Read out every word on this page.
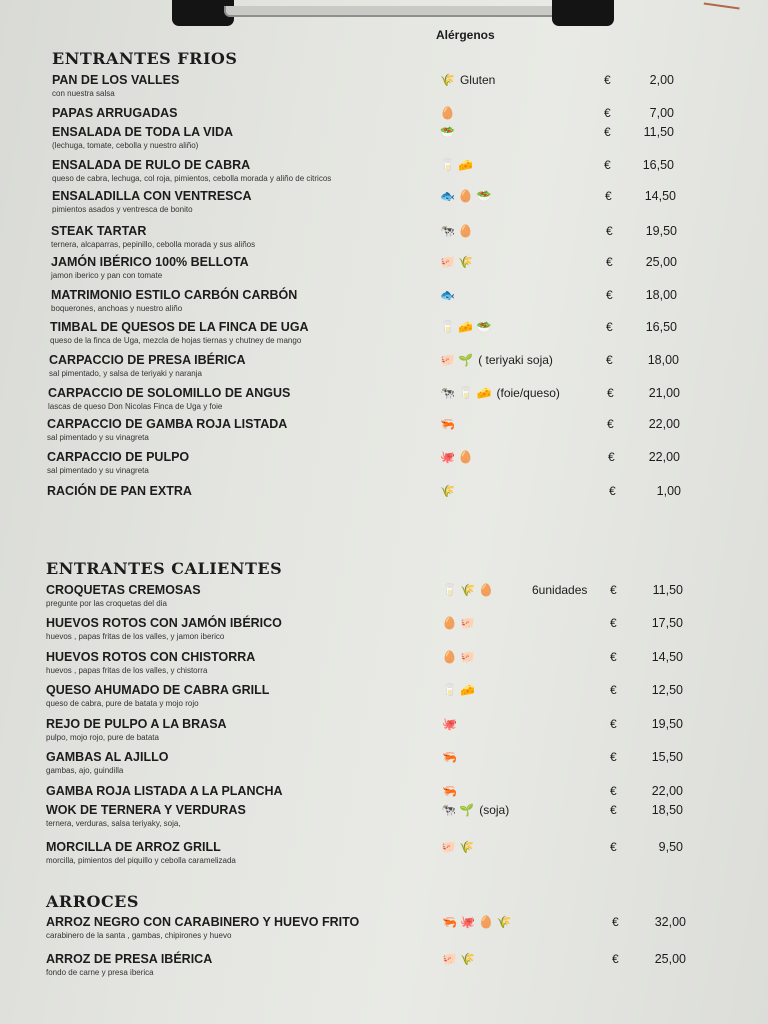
Alérgenos
ENTRANTES FRIOS
PAN DE LOS VALLES
con nuestra salsa
🌾 Gluten	€	2,00
PAPAS ARRUGADAS	🥚	€	7,00
ENSALADA DE TODA LA VIDA
(lechuga, tomate, cebolla y nuestro aliño)
🥗	€	11,50
ENSALADA DE RULO DE CABRA
queso de cabra, lechuga, col roja, pimientos, cebolla morada y aliño de citricos
🥛 🧀	€	16,50
ENSALADILLA CON VENTRESCA
pimientos asados y ventresca de bonito
🐟 🥚 🥗	€	14,50
STEAK TARTAR
ternera, alcaparras, pepinillo, cebolla morada y sus aliños
🐄 🥚	€	19,50
JAMÓN IBÉRICO 100% BELLOTA
jamon iberico y pan con tomate
🐖 🌾	€	25,00
MATRIMONIO ESTILO CARBÓN CARBÓN
boquerones, anchoas y nuestro aliño
🐟	€	18,00
TIMBAL DE QUESOS DE LA FINCA DE UGA
queso de la finca de Uga, mezcla de hojas tiernas y chutney de mango
🥛 🧀 🥗	€	16,50
CARPACCIO DE PRESA IBÉRICA
sal pimentado, y salsa de teriyaki y naranja
🐖 🌱 ( teriyaki soja)	€	18,00
CARPACCIO DE SOLOMILLO DE ANGUS
lascas de queso Don Nicolas Finca de Uga y foie
🐄 🥛 🧀 (foie/queso)	€	21,00
CARPACCIO DE GAMBA ROJA LISTADA
sal pimentado y su vinagreta
🦐	€	22,00
CARPACCIO DE PULPO
sal pimentado y su vinagreta
🐙 🥚	€	22,00
RACIÓN DE PAN EXTRA	🌾	€	1,00
ENTRANTES CALIENTES
CROQUETAS CREMOSAS
pregunte por las croquetas del dia
🥛 🌾 🥚	6unidades €	11,50
HUEVOS ROTOS CON JAMÓN IBÉRICO
huevos , papas fritas de los valles, y jamon iberico
🥚 🐖	€	17,50
HUEVOS ROTOS CON CHISTORRA
huevos , papas fritas de los valles, y chistorra
🥚 🐖	€	14,50
QUESO AHUMADO DE CABRA GRILL
queso de cabra, pure de batata y mojo rojo
🥛 🧀	€	12,50
REJO DE PULPO A LA BRASA
pulpo, mojo rojo, pure de batata
🐙	€	19,50
GAMBAS AL AJILLO
gambas, ajo, guindilla
🦐	€	15,50
GAMBA ROJA LISTADA A LA PLANCHA	🦐	€	22,00
WOK DE TERNERA Y VERDURAS
ternera, verduras, salsa teriyaky, soja,
🐄 🌱 (soja)	€	18,50
MORCILLA DE ARROZ GRILL
morcilla, pimientos del piquillo y cebolla caramelizada
🐖 🌾	€	9,50
ARROCES
ARROZ NEGRO CON CARABINERO Y HUEVO FRITO
carabinero de la santa , gambas, chipirones y huevo
🦐 🐙 🥚 🌾	€	32,00
ARROZ DE PRESA IBÉRICA
fondo de carne y presa iberica
🐖 🌾	€	25,00
